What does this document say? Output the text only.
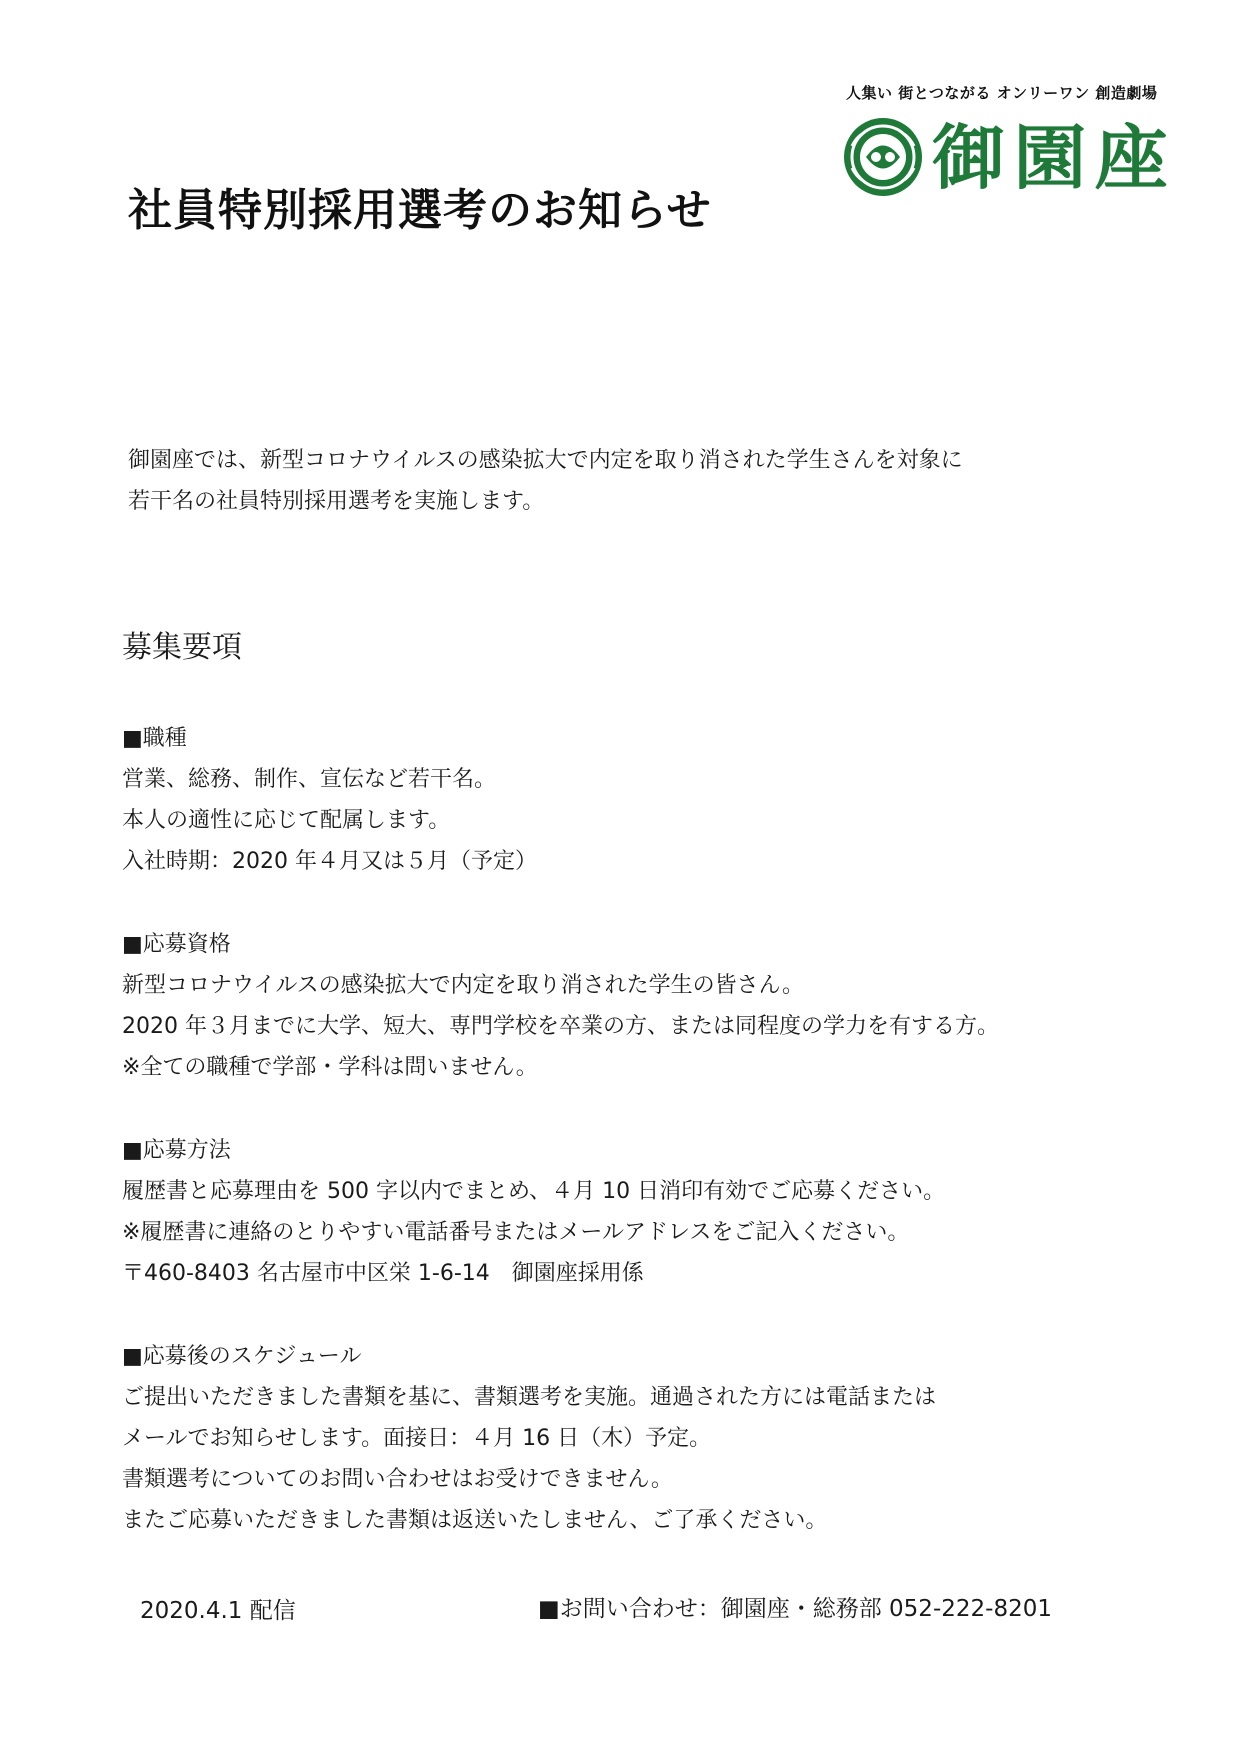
人集い 街とつながる オンリーワン 創造劇場
御園座
社員特別採用選考のお知らせ

御園座では、新型コロナウイルスの感染拡大で内定を取り消された学生さんを対象に

若干名の社員特別採用選考を実施します。

募集要項
■職種

営業、総務、制作、宣伝など若干名。

本人の適性に応じて配属します。

入社時期：2020 年４月又は５月（予定）

■応募資格

新型コロナウイルスの感染拡大で内定を取り消された学生の皆さん。

2020 年３月までに大学、短大、専門学校を卒業の方、または同程度の学力を有する方。

※全ての職種で学部・学科は問いません。

■応募方法

履歴書と応募理由を 500 字以内でまとめ、４月 10 日消印有効でご応募ください。

※履歴書に連絡のとりやすい電話番号またはメールアドレスをご記入ください。

〒460-8403 名古屋市中区栄 1-6-14　御園座採用係

■応募後のスケジュール

ご提出いただきました書類を基に、書類選考を実施。通過された方には電話または

メールでお知らせします。面接日：４月 16 日（木）予定。

書類選考についてのお問い合わせはお受けできません。

またご応募いただきました書類は返送いたしません、ご了承ください。

2020.4.1 配信	■お問い合わせ：御園座・総務部 052-222-8201
